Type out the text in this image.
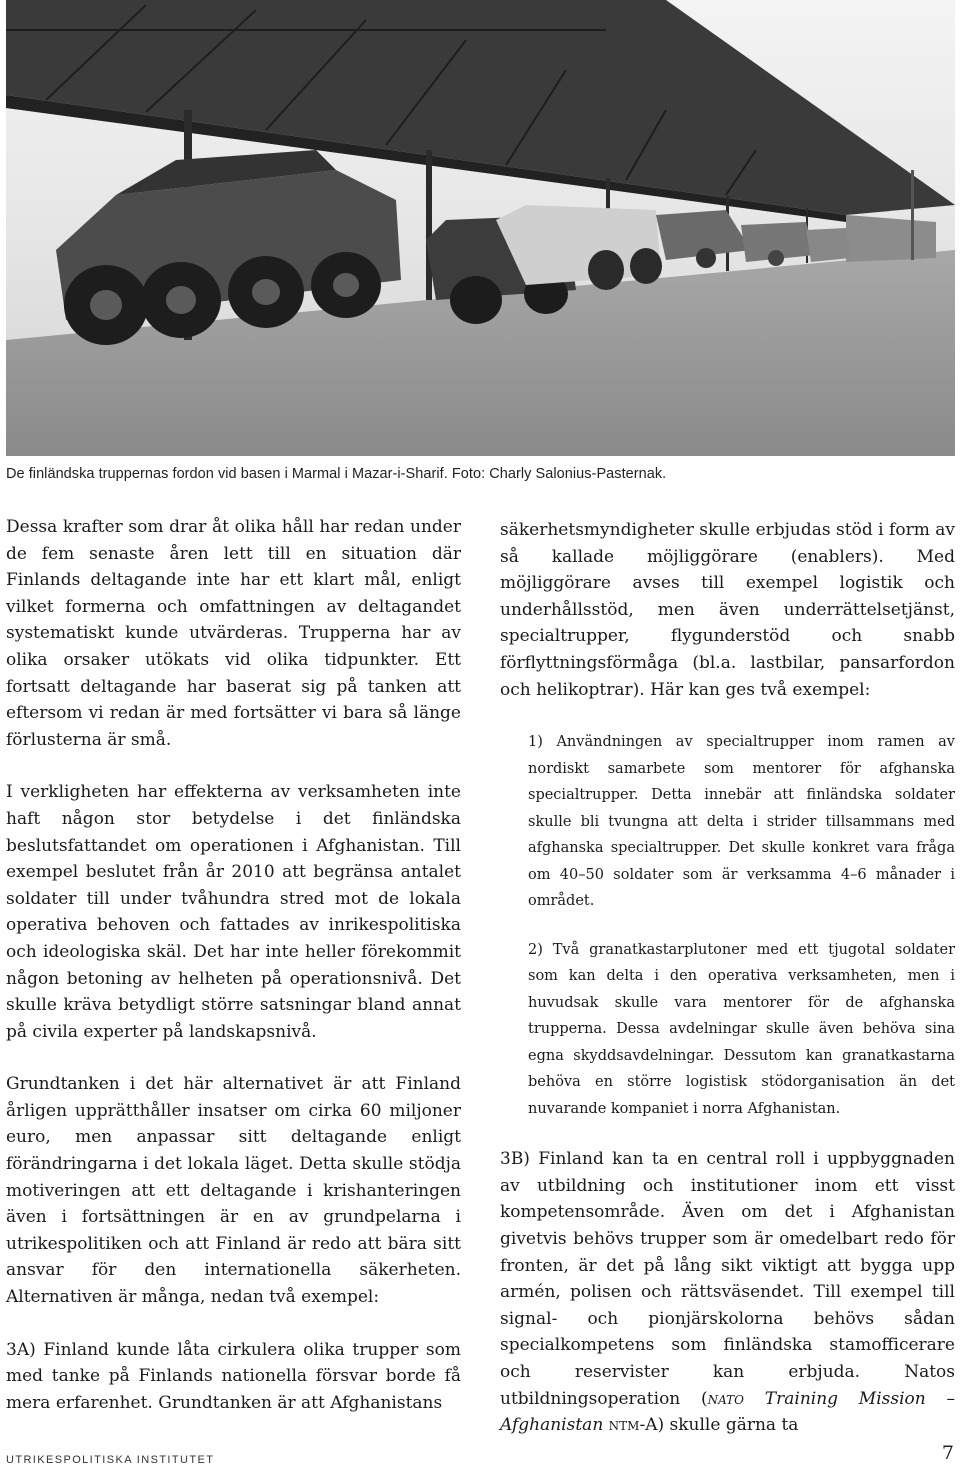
De finländska truppernas fordon vid basen i Marmal i Mazar-i-Sharif. Foto: Charly Salonius-Pasternak.

Dessa krafter som drar åt olika håll har redan under de fem senaste åren lett till en situation där Finlands deltagande inte har ett klart mål, enligt vilket formerna och omfattningen av deltagandet systematiskt kunde utvärderas. Trupperna har av olika orsaker utökats vid olika tidpunkter. Ett fortsatt deltagande har baserat sig på tanken att eftersom vi redan är med fortsätter vi bara så länge förlusterna är små.

I verkligheten har effekterna av verksamheten inte haft någon stor betydelse i det finländska beslutsfattandet om operationen i Afghanistan. Till exempel beslutet från år 2010 att begränsa antalet soldater till under tvåhundra stred mot de lokala operativa behoven och fattades av inrikespolitiska och ideologiska skäl. Det har inte heller förekommit någon betoning av helheten på operationsnivå. Det skulle kräva betydligt större satsningar bland annat på civila experter på landskapsnivå.

Grundtanken i det här alternativet är att Finland årligen upprätthåller insatser om cirka 60 miljoner euro, men anpassar sitt deltagande enligt förändringarna i det lokala läget. Detta skulle stödja motiveringen att ett deltagande i krishanteringen även i fortsättningen är en av grundpelarna i utrikespolitiken och att Finland är redo att bära sitt ansvar för den internationella säkerheten. Alternativen är många, nedan två exempel:

3A) Finland kunde låta cirkulera olika trupper som med tanke på Finlands nationella försvar borde få mera erfarenhet. Grundtanken är att Afghanistans

säkerhetsmyndigheter skulle erbjudas stöd i form av så kallade möjliggörare (enablers). Med möjliggörare avses till exempel logistik och underhållsstöd, men även underrättelsetjänst, specialtrupper, flygunderstöd och snabb förflyttningsförmåga (bl.a. lastbilar, pansarfordon och helikoptrar). Här kan ges två exempel:

1) Användningen av specialtrupper inom ramen av nordiskt samarbete som mentorer för afghanska specialtrupper. Detta innebär att finländska soldater skulle bli tvungna att delta i strider tillsammans med afghanska specialtrupper. Det skulle konkret vara fråga om 40–50 soldater som är verksamma 4–6 månader i området.

2) Två granatkastarplutoner med ett tjugotal soldater som kan delta i den operativa verksamheten, men i huvudsak skulle vara mentorer för de afghanska trupperna. Dessa avdelningar skulle även behöva sina egna skyddsavdelningar. Dessutom kan granatkastarna behöva en större logistisk stödorganisation än det nuvarande kompaniet i norra Afghanistan.

3B) Finland kan ta en central roll i uppbyggnaden av utbildning och institutioner inom ett visst kompetensområde. Även om det i Afghanistan givetvis behövs trupper som är omedelbart redo för fronten, är det på lång sikt viktigt att bygga upp armén, polisen och rättsväsendet. Till exempel till signal- och pionjärskolorna behövs sådan specialkompetens som finländska stamofficerare och reservister kan erbjuda. Natos utbildningsoperation (nato Training Mission – Afghanistan ntm-A) skulle gärna ta

UTRIKESPOLITISKA INSTITUTET	7
